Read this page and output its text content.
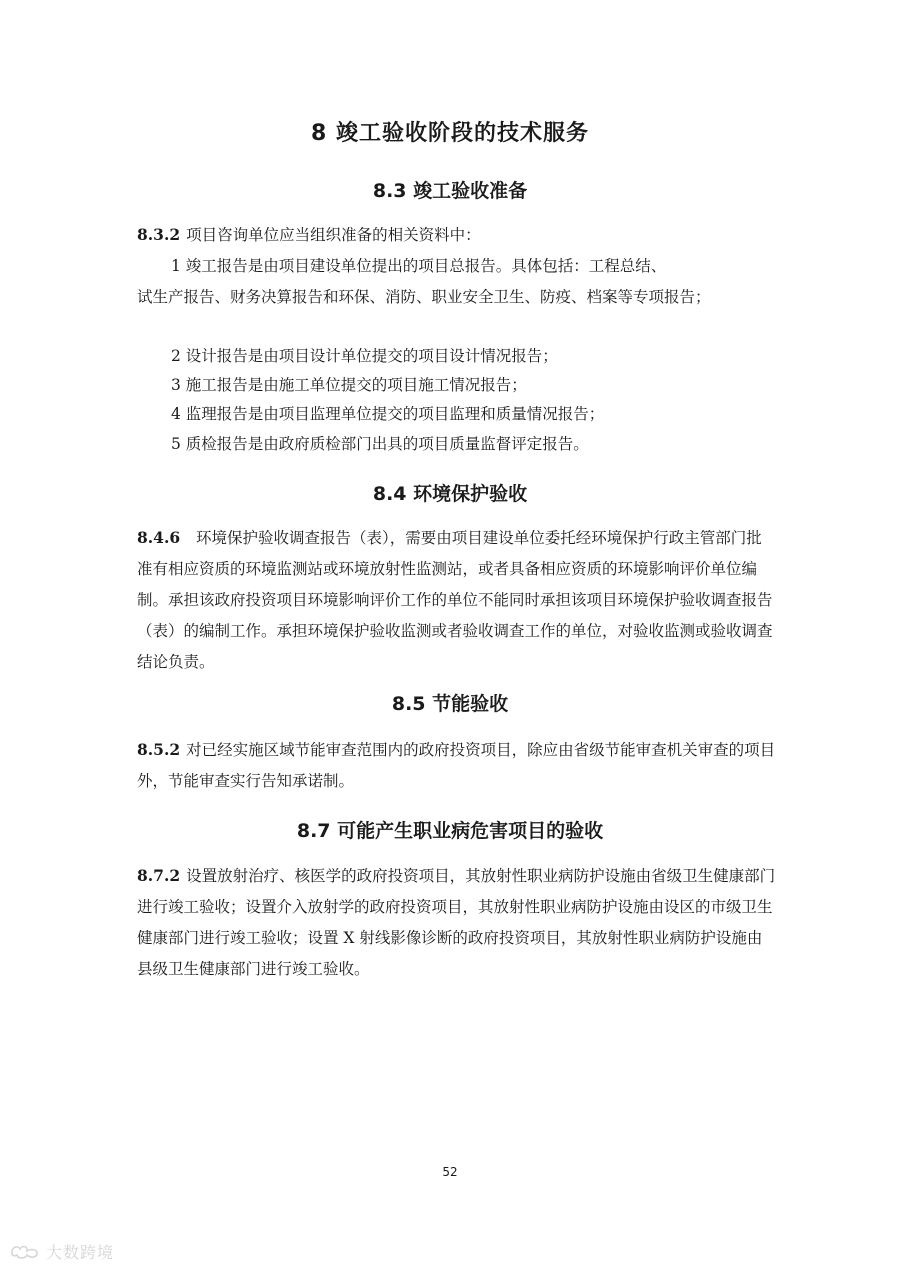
8 竣工验收阶段的技术服务
8.3 竣工验收准备

8.3.2 项目咨询单位应当组织准备的相关资料中：

1 竣工报告是由项目建设单位提出的项目总报告。具体包括：工程总结、
试生产报告、财务决算报告和环保、消防、职业安全卫生、防疫、档案等专项报告；

2 设计报告是由项目设计单位提交的项目设计情况报告；

3 施工报告是由施工单位提交的项目施工情况报告；

4 监理报告是由项目监理单位提交的项目监理和质量情况报告；

5 质检报告是由政府质检部门出具的项目质量监督评定报告。

8.4 环境保护验收

8.4.6 环境保护验收调查报告（表），需要由项目建设单位委托经环境保护行政主管部门批准有相应资质的环境监测站或环境放射性监测站，或者具备相应资质的环境影响评价单位编制。承担该政府投资项目环境影响评价工作的单位不能同时承担该项目环境保护验收调查报告（表）的编制工作。承担环境保护验收监测或者验收调查工作的单位，对验收监测或验收调查结论负责。

8.5 节能验收

8.5.2 对已经实施区域节能审查范围内的政府投资项目，除应由省级节能审查机关审查的项目外，节能审查实行告知承诺制。

8.7 可能产生职业病危害项目的验收

8.7.2 设置放射治疗、核医学的政府投资项目，其放射性职业病防护设施由省级卫生健康部门进行竣工验收；设置介入放射学的政府投资项目，其放射性职业病防护设施由设区的市级卫生健康部门进行竣工验收；设置 X 射线影像诊断的政府投资项目，其放射性职业病防护设施由县级卫生健康部门进行竣工验收。

52
大数跨境
